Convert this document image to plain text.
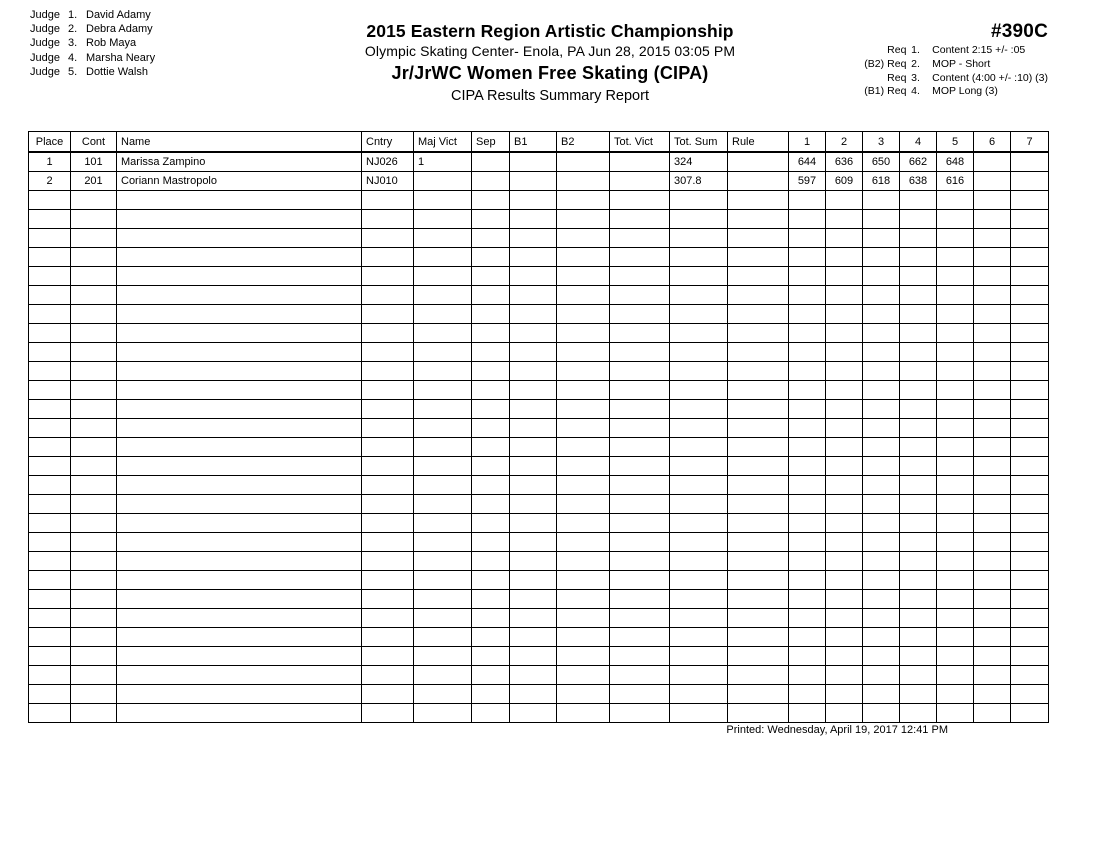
Judge 1. David Adamy
Judge 2. Debra Adamy
Judge 3. Rob Maya
Judge 4. Marsha Neary
Judge 5. Dottie Walsh
2015 Eastern Region Artistic Championship
Olympic Skating Center- Enola, PA Jun 28, 2015 03:05 PM
Jr/JrWC Women Free Skating (CIPA)
CIPA Results Summary Report
#390C
Req 1. Content 2:15 +/- :05
(B2) Req 2. MOP - Short
Req 3. Content (4:00 +/- :10) (3)
(B1) Req 4. MOP Long (3)
Place	Cont	Name	Cntry	Maj Vict	Sep	B1	B2	Tot. Vict	Tot. Sum	Rule	1	2	3	4	5	6	7
1	101	Marissa Zampino	NJ026	1					324		644	636	650	662	648		
2	201	Coriann Mastropolo	NJ010						307.8		597	609	618	638	616		

Printed: Wednesday, April 19, 2017 12:41 PM
